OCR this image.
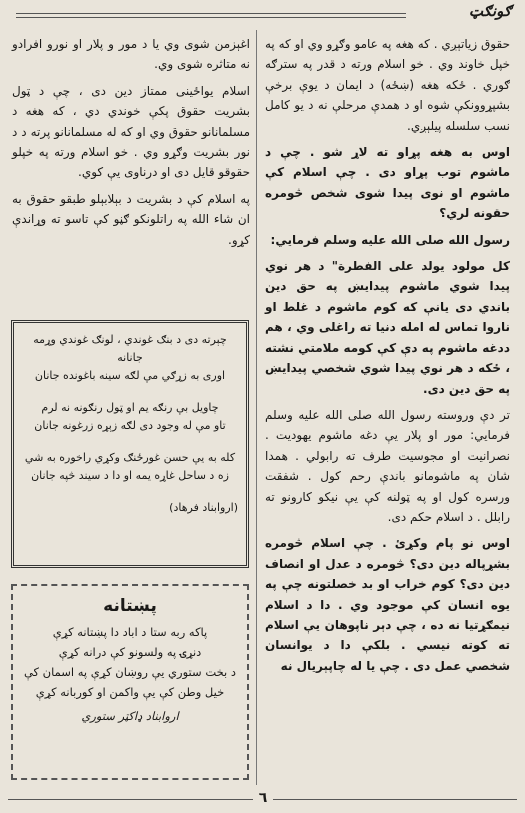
ګونګټ

حقوق زياتېږي . که هغه په عامو وګړو وي او که په خپل خاوند وي . خو اسلام ورته د قدر په سترګه ګوري . ځکه هغه (ښځه) د ايمان د يوې برخې بشپړوونکې شوه او د همدې مرحلې نه د يو کامل نسب سلسله پيلېږي.

اوس به هغه پړاو ته لاړ شو . چې د ماشوم توب پړاو دی . چې اسلام کې ماشوم او نوی پيدا شوی شخص څومره حقونه لري؟

رسول الله صلی الله عليه وسلم فرمايي:

کل مولود يولد علی الفطرة" د هر نوي پيدا شوي ماشوم پيدايښ په حق دين باندي دی يانې که کوم ماشوم د غلط او ناروا تماس له امله دنيا ته راغلی وي ، هم ددغه ماشوم په دې کې کومه ملامتي نشته ، ځکه د هر نوي پيدا شوي شخصي پيدايښ په حق دين دی.

تر دې وروسته رسول الله صلی الله عليه وسلم فرمايي: مور او پلار يې دغه ماشوم يهوديت . نصرانيت او مجوسيت طرف ته رابولي . همدا شان په ماشومانو باندې رحم کول . شفقت ورسره کول او په ټولنه کې يې نيکو کارونو ته رابلل . د اسلام حکم دی.

اوس نو پام وکړئ . چې اسلام څومره بشړپاله دين دی؟ څومره د عدل او انصاف دين دی؟ کوم خراب او بد خصلتونه چې په يوه انسان کې موجود وي . دا د اسلام نيمګړتيا نه ده ، چې دېر ناپوهان يې اسلام ته کوته نيسي . بلکې دا د يوانسان شخصي عمل دی . چې يا له چاپېريال نه

اغېزمن شوی وي يا د مور و پلار او نورو افرادو نه متاثره شوی وي.

اسلام يواځينی ممتاز دين دی ، چې د ټول بشريت حقوق پکې خوندي دي ، که هغه د مسلمانانو حقوق وي او که له مسلمانانو پرته د د نور بشريت وګړو وي . خو اسلام ورته په خپلو حقوقو قايل دی او درناوی يې کوي.

په اسلام کې د بشريت د بېلابېلو طبقو حقوق به ان شاء الله په راتلونکو ګڼو کې تاسو ته وړاندې کړو.

چېرته دی د بنګ غوندي ، لونګ غوندي وړمه جانانه
اوری به زړګي مې لګه سينه باغونده جانان
چاويل بې رنګه يم او ټول رنګونه نه لرم
تاو مې له وجود دی لګه زېړه زرغونه جانان
کله به يې حسن غورځنګ وکړي راخوره به شي
زه د ساحل غاړه يمه او دا د سيند څپه جانان
(اروابناد فرهاد)
پښتانه
پاکه ربه ستا د اباد دا پښتانه کړې
دنړۍ په ولسونو کې درانه کړې
د بخت ستوري يې روښان کړې په اسمان کې
خيل وطن کې يې واکمن او کوربانه کړې
اروابناد ډاکټر ستوري
٦
